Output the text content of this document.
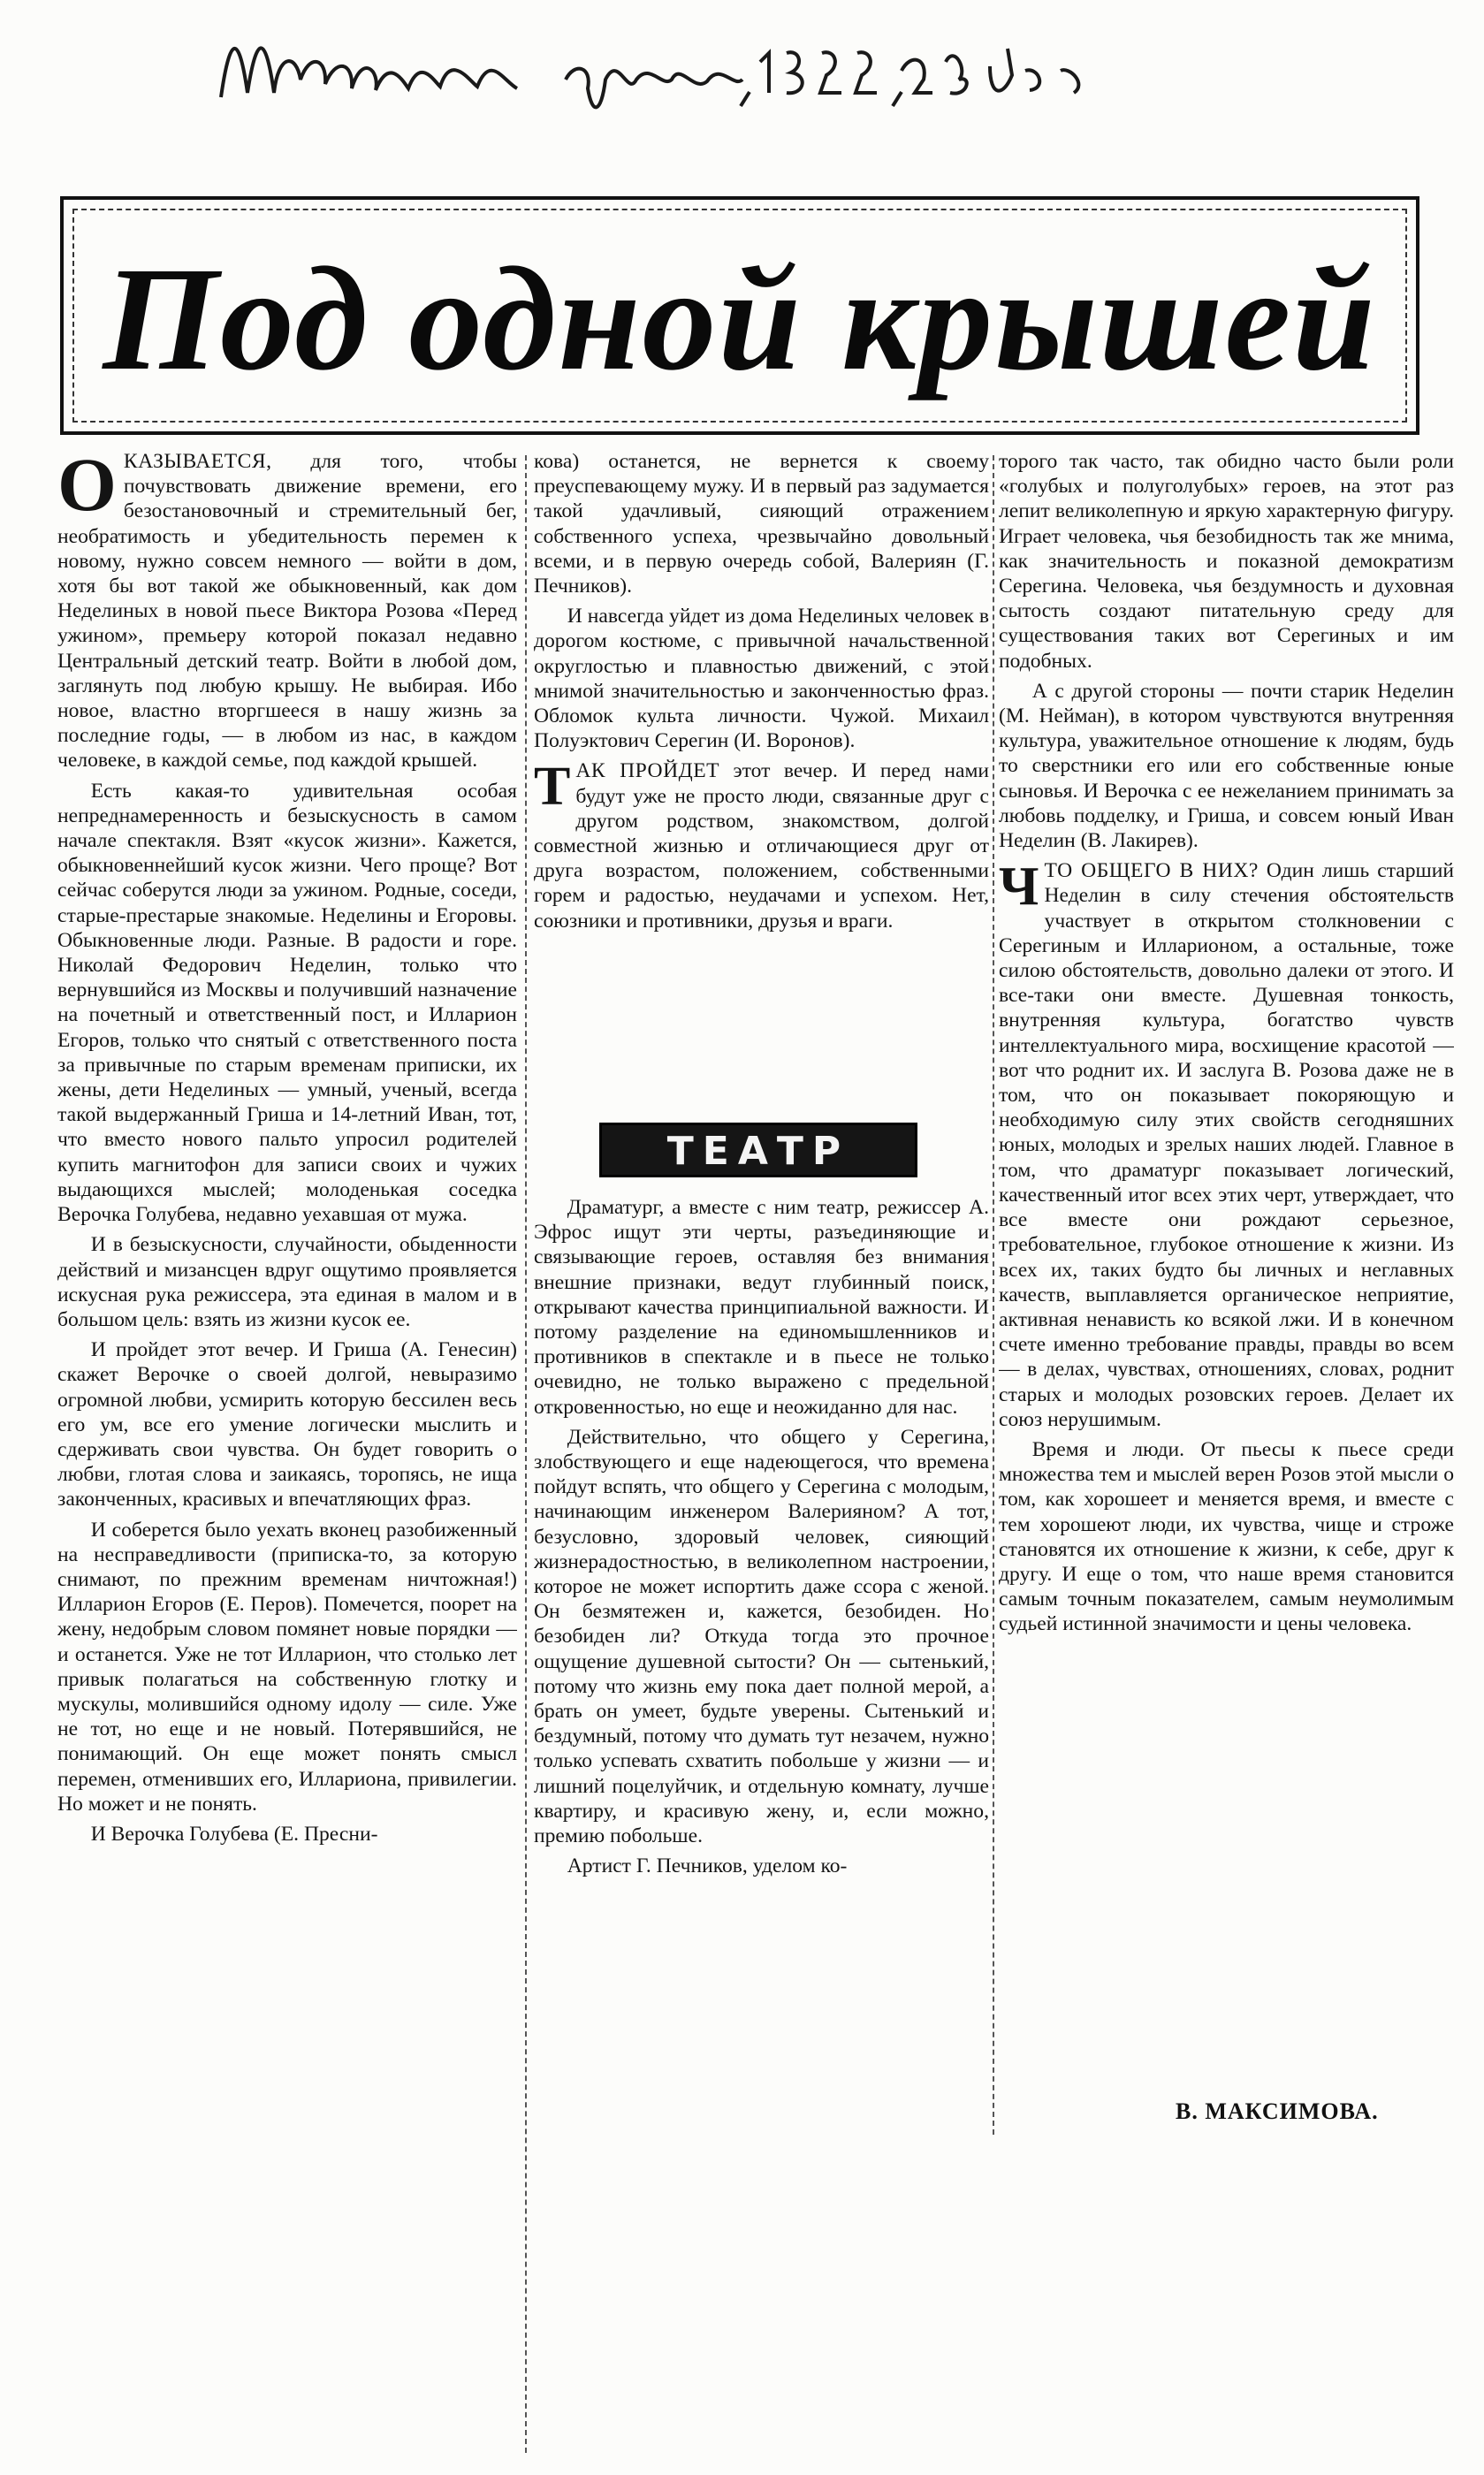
Под одной крышей

ОКАЗЫВАЕТСЯ, для того, чтобы почувствовать движение времени, его безостановочный и стремительный бег, необратимость и убедительность перемен к новому, нужно совсем немного — войти в дом, хотя бы вот такой же обыкновенный, как дом Неделиных в новой пьесе Виктора Розова «Перед ужином», премьеру которой показал недавно Центральный детский театр. Войти в любой дом, заглянуть под любую крышу. Не выбирая. Ибо новое, властно вторгшееся в нашу жизнь за последние годы, — в любом из нас, в каждом человеке, в каждой семье, под каждой крышей.

Есть какая-то удивительная особая непреднамеренность и безыскусность в самом начале спектакля. Взят «кусок жизни». Кажется, обыкновеннейший кусок жизни. Чего проще? Вот сейчас соберутся люди за ужином. Родные, соседи, старые-престарые знакомые. Неделины и Егоровы. Обыкновенные люди. Разные. В радости и горе. Николай Федорович Неделин, только что вернувшийся из Москвы и получивший назначение на почетный и ответственный пост, и Илларион Егоров, только что снятый с ответственного поста за привычные по старым временам приписки, их жены, дети Неделиных — умный, ученый, всегда такой выдержанный Гриша и 14-летний Иван, тот, что вместо нового пальто упросил родителей купить магнитофон для записи своих и чужих выдающихся мыслей; молоденькая соседка Верочка Голубева, недавно уехавшая от мужа.

И в безыскусности, случайности, обыденности действий и мизансцен вдруг ощутимо проявляется искусная рука режиссера, эта единая в малом и в большом цель: взять из жизни кусок ее.

И пройдет этот вечер. И Гриша (А. Генесин) скажет Верочке о своей долгой, невыразимо огромной любви, усмирить которую бессилен весь его ум, все его умение логически мыслить и сдерживать свои чувства. Он будет говорить о любви, глотая слова и заикаясь, торопясь, не ища законченных, красивых и впечатляющих фраз.

И соберется было уехать вконец разобиженный на несправедливости (приписка-то, за которую снимают, по прежним временам ничтожная!) Илларион Егоров (Е. Перов). Помечется, поорет на жену, недобрым словом помянет новые порядки — и останется. Уже не тот Илларион, что столько лет привык полагаться на собственную глотку и мускулы, молившийся одному идолу — силе. Уже не тот, но еще и не новый. Потерявшийся, не понимающий. Он еще может понять смысл перемен, отменивших его, Иллариона, привилегии. Но может и не понять.

И Верочка Голубева (Е. Пресни-

кова) останется, не вернется к своему преуспевающему мужу. И в первый раз задумается такой удачливый, сияющий отражением собственного успеха, чрезвычайно довольный всеми, и в первую очередь собой, Валериян (Г. Печников).

И навсегда уйдет из дома Неделиных человек в дорогом костюме, с привычной начальственной округлостью и плавностью движений, с этой мнимой значительностью и законченностью фраз. Обломок культа личности. Чужой. Михаил Полуэктович Серегин (И. Воронов).

ТАК ПРОЙДЕТ этот вечер. И перед нами будут уже не просто люди, связанные друг с другом родством, знакомством, долгой совместной жизнью и отличающиеся друг от друга возрастом, положением, собственными горем и радостью, неудачами и успехом. Нет, союзники и противники, друзья и враги.

ТЕАТР

Драматург, а вместе с ним театр, режиссер А. Эфрос ищут эти черты, разъединяющие и связывающие героев, оставляя без внимания внешние признаки, ведут глубинный поиск, открывают качества принципиальной важности. И потому разделение на единомышленников и противников в спектакле и в пьесе не только очевидно, не только выражено с предельной откровенностью, но еще и неожиданно для нас.

Действительно, что общего у Серегина, злобствующего и еще надеющегося, что времена пойдут вспять, что общего у Серегина с молодым, начинающим инженером Валерияном? А тот, безусловно, здоровый человек, сияющий жизнерадостностью, в великолепном настроении, которое не может испортить даже ссора с женой. Он безмятежен и, кажется, безобиден. Но безобиден ли? Откуда тогда это прочное ощущение душевной сытости? Он — сытенький, потому что жизнь ему пока дает полной мерой, а брать он умеет, будьте уверены. Сытенький и бездумный, потому что думать тут незачем, нужно только успевать схватить побольше у жизни — и лишний поцелуйчик, и отдельную комнату, лучше квартиру, и красивую жену, и, если можно, премию побольше.

Артист Г. Печников, уделом ко-

торого так часто, так обидно часто были роли «голубых и полуголубых» героев, на этот раз лепит великолепную и яркую характерную фигуру. Играет человека, чья безобидность так же мнима, как значительность и показной демократизм Серегина. Человека, чья бездумность и духовная сытость создают питательную среду для существования таких вот Серегиных и им подобных.

А с другой стороны — почти старик Неделин (М. Нейман), в котором чувствуются внутренняя культура, уважительное отношение к людям, будь то сверстники его или его собственные юные сыновья. И Верочка с ее нежеланием принимать за любовь подделку, и Гриша, и совсем юный Иван Неделин (В. Лакирев).

ЧТО ОБЩЕГО В НИХ? Один лишь старший Неделин в силу стечения обстоятельств участвует в открытом столкновении с Серегиным и Илларионом, а остальные, тоже силою обстоятельств, довольно далеки от этого. И все-таки они вместе. Душевная тонкость, внутренняя культура, богатство чувств интеллектуального мира, восхищение красотой — вот что роднит их. И заслуга В. Розова даже не в том, что он показывает покоряющую и необходимую силу этих свойств сегодняшних юных, молодых и зрелых наших людей. Главное в том, что драматург показывает логический, качественный итог всех этих черт, утверждает, что все вместе они рождают серьезное, требовательное, глубокое отношение к жизни. Из всех их, таких будто бы личных и неглавных качеств, выплавляется органическое неприятие, активная ненависть ко всякой лжи. И в конечном счете именно требование правды, правды во всем — в делах, чувствах, отношениях, словах, роднит старых и молодых розовских героев. Делает их союз нерушимым.

Время и люди. От пьесы к пьесе среди множества тем и мыслей верен Розов этой мысли о том, как хорошеет и меняется время, и вместе с тем хорошеют люди, их чувства, чище и строже становятся их отношение к жизни, к себе, друг к другу. И еще о том, что наше время становится самым точным показателем, самым неумолимым судьей истинной значимости и цены человека.

В. МАКСИМОВА.
